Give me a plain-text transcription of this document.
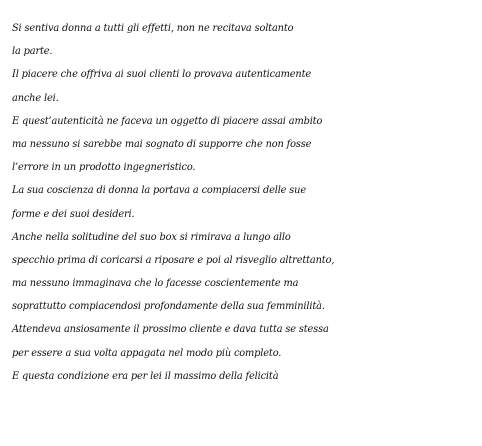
Si sentiva donna a tutti gli effetti, non ne recitava soltanto
la parte.
Il piacere che offriva ai suoi clienti lo provava autenticamente
anche lei.
E quest’autenticità ne faceva un oggetto di piacere assai ambito
ma nessuno si sarebbe mai sognato di supporre che non fosse
l’errore in un prodotto ingegneristico.
La sua coscienza di donna la portava a compiacersi delle sue
forme e dei suoi desideri.
Anche nella solitudine del suo box si rimirava a lungo allo
specchio prima di coricarsi a riposare e poi al risveglio altrettanto,
ma nessuno immaginava che lo facesse coscientemente ma
soprattutto compiacendosi profondamente della sua femminilità.
Attendeva ansiosamente il prossimo cliente e dava tutta se stessa
per essere a sua volta appagata nel modo più completo.
E questa condizione era per lei il massimo della felicità
